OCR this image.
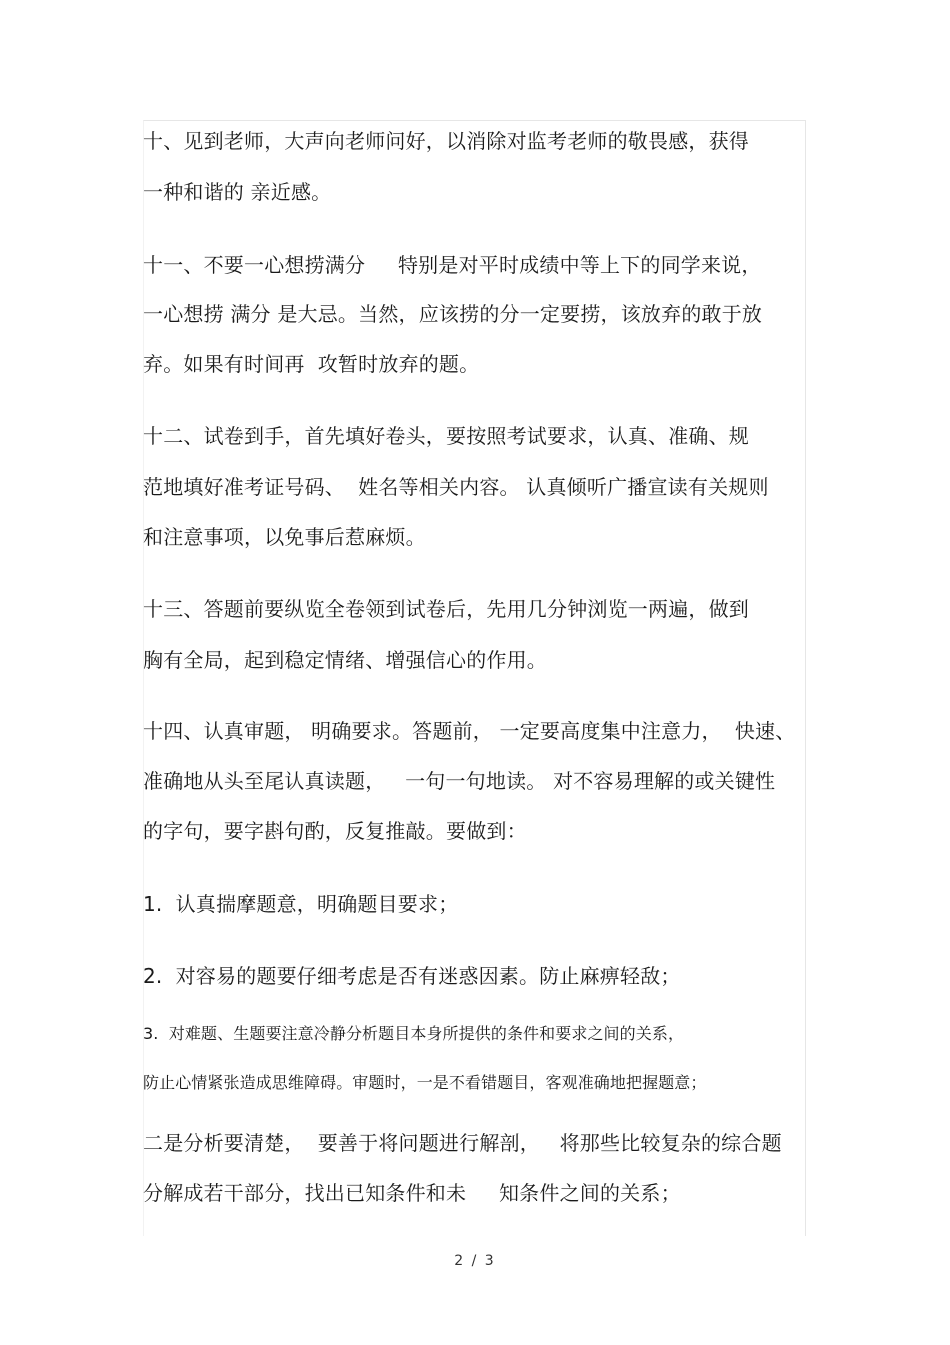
十、见到老师，大声向老师问好，以消除对监考老师的敬畏感，获得
一种和谐的 亲近感。
十一、不要一心想捞满分     特别是对平时成绩中等上下的同学来说，
一心想捞 满分 是大忌。当然，应该捞的分一定要捞，该放弃的敢于放
弃。如果有时间再  攻暂时放弃的题。
十二、试卷到手，首先填好卷头，要按照考试要求，认真、准确、规
范地填好准考证号码、  姓名等相关内容。 认真倾听广播宣读有关规则
和注意事项，以免事后惹麻烦。
十三、答题前要纵览全卷领到试卷后，先用几分钟浏览一两遍，做到
胸有全局，起到稳定情绪、增强信心的作用。
十四、认真审题， 明确要求。答题前， 一定要高度集中注意力，  快速、
准确地从头至尾认真读题，   一句一句地读。 对不容易理解的或关键性
的字句，要字斟句酌，反复推敲。要做到：
1.  认真揣摩题意，明确题目要求；
2.  对容易的题要仔细考虑是否有迷惑因素。防止麻痹轻敌；
3.  对难题、生题要注意冷静分析题目本身所提供的条件和要求之间的关系，
防止心情紧张造成思维障碍。审题时，一是不看错题目，客观准确地把握题意；
二是分析要清楚，  要善于将问题进行解剖，   将那些比较复杂的综合题
分解成若干部分，找出已知条件和未     知条件之间的关系；
2 / 3
